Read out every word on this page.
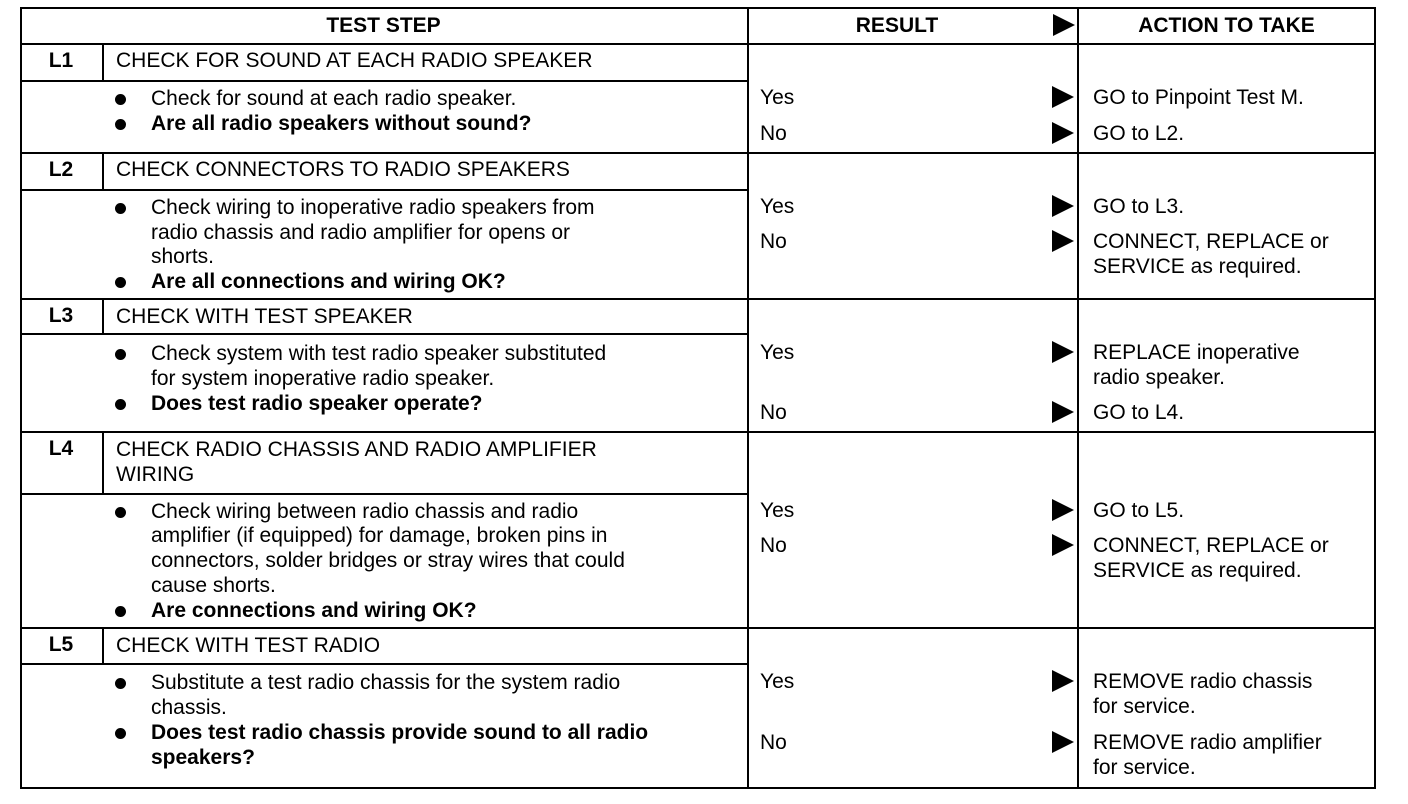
TEST STEP	RESULT	ACTION TO TAKE
L1	CHECK FOR SOUND AT EACH RADIO SPEAKER
Check for sound at each radio speaker.
Are all radio speakers without sound?
Yes	GO to Pinpoint Test M.
No	GO to L2.
L2	CHECK CONNECTORS TO RADIO SPEAKERS
Check wiring to inoperative radio speakers from
radio chassis and radio amplifier for opens or
shorts.
Are all connections and wiring OK?
Yes	GO to L3.
No	CONNECT, REPLACE or
SERVICE as required.
L3	CHECK WITH TEST SPEAKER
Check system with test radio speaker substituted
for system inoperative radio speaker.
Does test radio speaker operate?
Yes	REPLACE inoperative
radio speaker.
No	GO to L4.
L4	CHECK RADIO CHASSIS AND RADIO AMPLIFIER
WIRING
Check wiring between radio chassis and radio
amplifier (if equipped) for damage, broken pins in
connectors, solder bridges or stray wires that could
cause shorts.
Are connections and wiring OK?
Yes	GO to L5.
No	CONNECT, REPLACE or
SERVICE as required.
L5	CHECK WITH TEST RADIO
Substitute a test radio chassis for the system radio
chassis.
Does test radio chassis provide sound to all radio
speakers?
Yes	REMOVE radio chassis
for service.
No	REMOVE radio amplifier
for service.
